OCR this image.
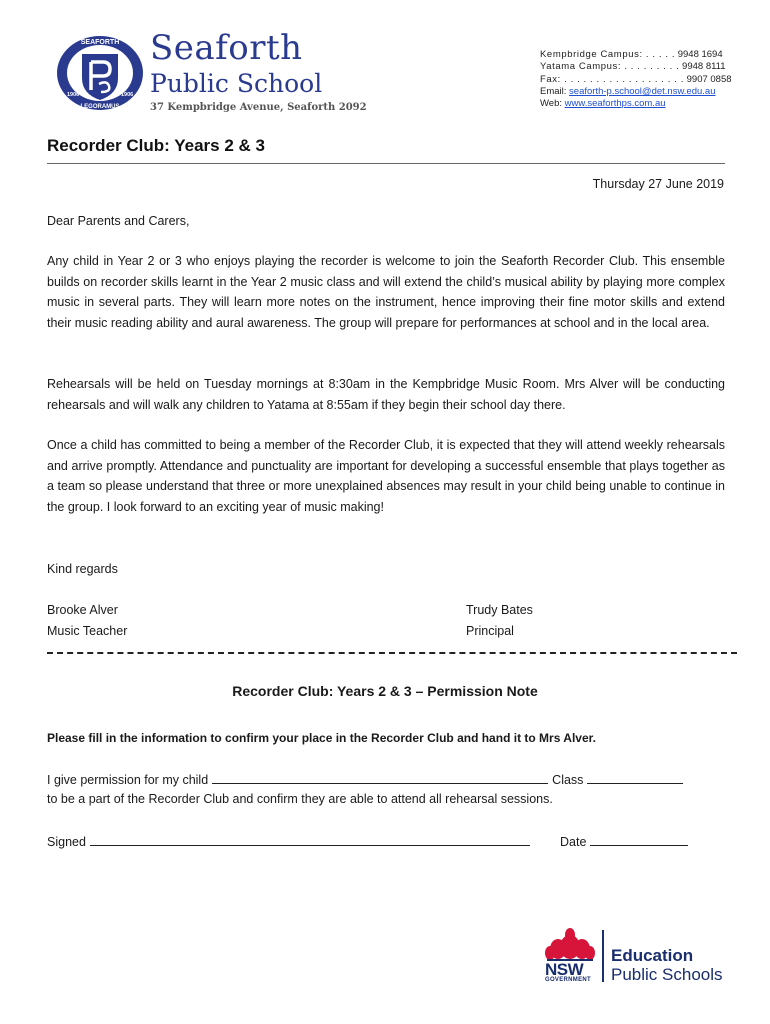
SEAFORTH
LEGORAMUS
1906	1906
Seaforth
Public School
37 Kempbridge Avenue, Seaforth 2092
Kempbridge Campus: . . . . . 9948 1694
Yatama Campus: . . . . . . . . . 9948 8111
Fax: . . . . . . . . . . . . . . . . . . . 9907 0858
Email: seaforth-p.school@det.nsw.edu.au
Web: www.seaforthps.com.au
Recorder Club: Years 2 & 3
Thursday 27 June 2019
Dear Parents and Carers,
Any child in Year 2 or 3 who enjoys playing the recorder is welcome to join the Seaforth Recorder Club. This ensemble builds on recorder skills learnt in the Year 2 music class and will extend the child’s musical ability by playing more complex music in several parts. They will learn more notes on the instrument, hence improving their fine motor skills and extend their music reading ability and aural awareness. The group will prepare for performances at school and in the local area.
Rehearsals will be held on Tuesday mornings at 8:30am in the Kempbridge Music Room. Mrs Alver will be conducting rehearsals and will walk any children to Yatama at 8:55am if they begin their school day there.
Once a child has committed to being a member of the Recorder Club, it is expected that they will attend weekly rehearsals and arrive promptly. Attendance and punctuality are important for developing a successful ensemble that plays together as a team so please understand that three or more unexplained absences may result in your child being unable to continue in the group. I look forward to an exciting year of music making!
Kind regards
Brooke Alver
Music Teacher
Trudy Bates
Principal
Recorder Club: Years 2 & 3 – Permission Note
Please fill in the information to confirm your place in the Recorder Club and hand it to Mrs Alver.
I give permission for my child	Class
to be a part of the Recorder Club and confirm they are able to attend all rehearsal sessions.
Signed	Date
NSW
GOVERNMENT
Education
Public Schools
